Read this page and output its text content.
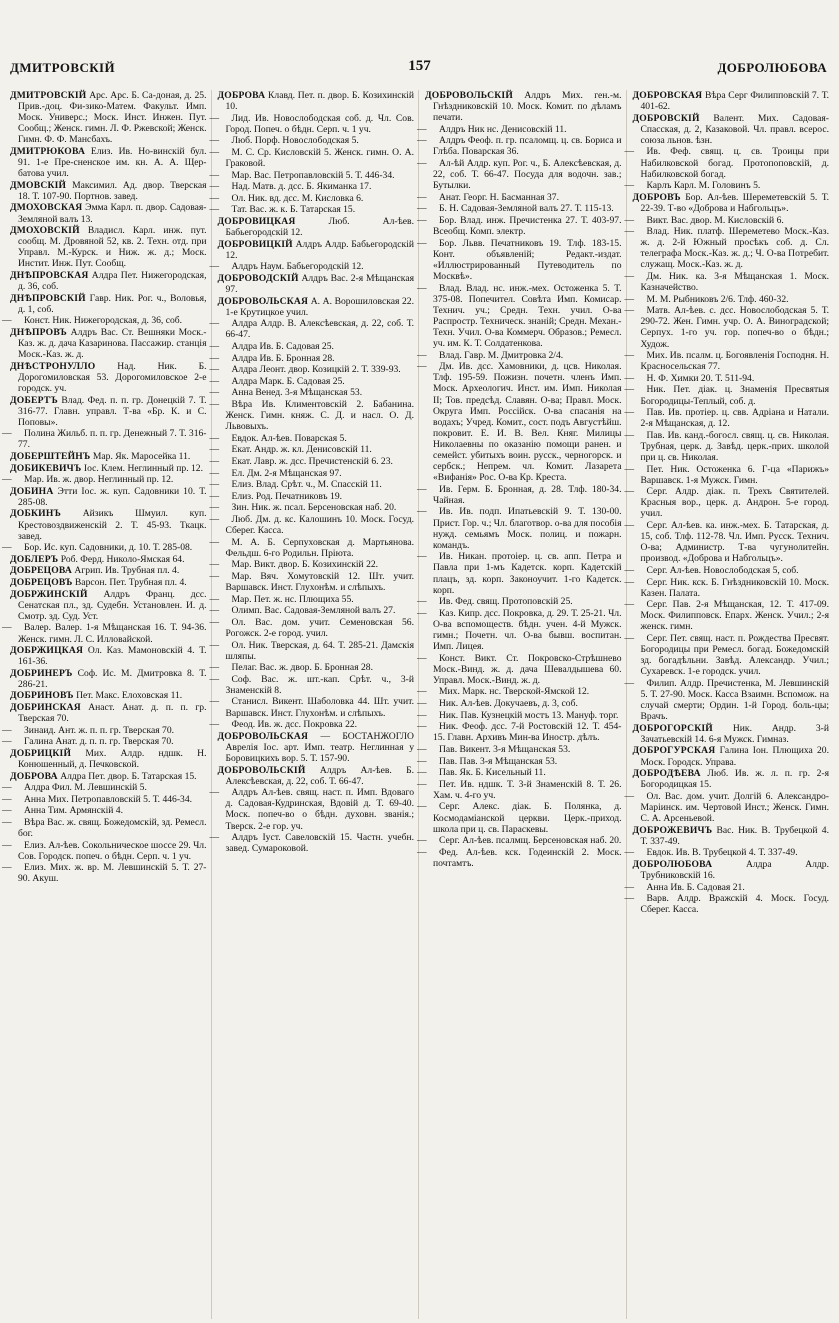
ДМИТРОВСКІЙ	157	ДОБРОЛЮБОВА

ДМИТРОВСКІЙ Арс. Арс. Б. Са-доная, д. 25. Прив.-доц. Фи-зико-Матем. Факульт. Имп. Моск. Универс.; Моск. Инст. Инжен. Пут. Сообщ.; Женск. гимн. Л. Ф. Ржевской; Женск. Гимн. Ф. Ф. Мансбахъ.

ДМИТРЮКОВА Елиз. Ив. Но-винскій бул. 91. 1-е Пре-сненское им. кн. А. А. Щер-батова учил.

ДМОВСКІЙ Максимил. Ад. двор. Тверская 18. Т. 107-90. Портнов. завед.

ДМОХОВСКАЯ Эмма Карл. п. двор. Садовая-Земляной валъ 13.

ДМОХОВСКІЙ Владисл. Карл. инж. пут. сообщ. М. Дровяной 52, кв. 2. Техн. отд. при Управл. М.-Курск. и Ниж. ж. д.; Моск. Инстит. Инж. Пут. Сообщ.

ДНѢПРОВСКАЯ Алдра Пет. Нижегородская, д. 36, соб.

ДНѢПРОВСКІЙ Гавр. Ник. Рог. ч., Воловья, д. 1, соб.

— Конст. Ник. Нижегородская, д. 36, соб.

ДНѢПРОВЪ Алдръ Вас. Ст. Вешняки Моск.-Каз. ж. д. дача Казаринова. Пассажир. станція Моск.-Каз. ж. д.

ДНѢСТРОНУЛЛО Над. Ник. Б. Дорогомиловская 53. Дорогомиловское 2-е городск. уч.

ДОБЕРТЪ Влад. Фед. п. п. гр. Донецкій 7. Т. 316-77. Главн. управл. Т-ва «Бр. К. и С. Поповы».

— Полина Жильб. п. п. гр. Денежный 7. Т. 316-77.

ДОБЕРШТЕЙНЪ Мар. Як. Маросейка 11.

ДОБИКЕВИЧЪ Іос. Клем. Неглинный пр. 12.

— Мар. Ив. ж. двор. Неглинный пр. 12.

ДОБИНА Этти Іос. ж. куп. Садовники 10. Т. 285-08.

ДОБКИНЪ Айзикъ Шмуил. куп. Крестовоздвиженскій 2. Т. 45-93. Ткацк. завед.

— Бор. Ис. куп. Садовники, д. 10. Т. 285-08.

ДОБЛЕРЪ Роб. Ферд. Николо-Ямская 64.

ДОБРЕЦОВА Агрип. Ив. Трубная пл. 4.

ДОБРЕЦОВЪ Варсон. Пет. Трубная пл. 4.

ДОБРЖИНСКІЙ Алдръ Франц. дсс. Сенатская пл., зд. Судебн. Установлен. И. д. Смотр. зд. Суд. Уст.

— Валер. Валер. 1-я Мѣщанская 16. Т. 94-36. Женск. гимн. Л. С. Илловайской.

ДОБРЖИЦКАЯ Ол. Каз. Мамоновскій 4. Т. 161-36.

ДОБРИНЕРЪ Соф. Ис. М. Дмитровка 8. Т. 286-21.

ДОБРИНОВЪ Пет. Макс. Елоховская 11.

ДОБРИНСКАЯ Анаст. Анат. д. п. п. гр. Тверская 70.

— Зинаид. Ант. ж. п. п. гр. Тверская 70.

— Галина Анат. д. п. п. гр. Тверская 70.

ДОБРИЦКІЙ Мих. Алдр. ндшк. Н. Конюшенный, д. Печковской.

ДОБРОВА Алдра Пет. двор. Б. Татарская 15.

— Алдра Фил. М. Левшинскій 5.

— Анна Мих. Петропавловскій 5. Т. 446-34.

— Анна Тим. Армянскій 4.

— Вѣра Вас. ж. свящ. Божедомскій, зд. Ремесл. бог.

— Елиз. Ал-ѣев. Сокольническое шоссе 29. Чл. Сов. Городск. попеч. о бѣдн. Серп. ч. 1 уч.

— Елиз. Мих. ж. вр. М. Левшинскій 5. Т. 27-90. Акуш.

ДОБРОВА Клавд. Пет. п. двор. Б. Козихинскій 10.

— Лид. Ив. Новослободская соб. д. Чл. Сов. Город. Попеч. о бѣдн. Серп. ч. 1 уч.

— Люб. Порф. Новослободская 5.

— М. С. Ср. Кисловскій 5. Женск. гимн. О. А. Граковой.

— Мар. Вас. Петропавловскій 5. Т. 446-34.

— Над. Матв. д. дсс. Б. Якиманка 17.

— Ол. Ник. вд. дсс. М. Кисловка 6.

— Тат. Вас. ж. к. Б. Татарская 15.

ДОБРОВИЦКАЯ	Люб. Ал-ѣев. Бабьегородскій 12.

ДОБРОВИЦКІЙ Алдръ Алдр. Бабьегородскій 12.

— Алдръ Наум. Бабьегородскій 12.

ДОБРОВОДСКІЙ Алдръ Вас. 2-я Мѣщанская 97.

ДОБРОВОЛЬСКАЯ А. А. Ворошиловская 22. 1-е Крутицкое учил.

— Алдра Алдр. В. Алексѣевская, д. 22, соб. Т. 66-47.

— Алдра Ив. Б. Садовая 25.

— Алдра Ив. Б. Бронная 28.

— Алдра Леонт. двор. Козицкій 2. Т. 339-93.

— Алдра Марк. Б. Садовая 25.

— Анна Венед. 3-я Мѣщанская 53.

— Вѣра Ив. Климентовскій 2. Бабанина. Женск. Гимн. княж. С. Д. и насл. О. Д. Львовыхъ.

— Евдок. Ал-ѣев. Поварская 5.

— Екат. Андр. ж. кл. Денисовскій 11.

— Екат. Лавр. ж. дсс. Пречистенскій 6. 23.

— Ел. Дм. 2-я Мѣщанская 97.

— Елиз. Влад. Срѣт. ч., М. Спасскій 11.

— Елиз. Род. Печатниковъ 19.

— Зин. Ник. ж. псал. Берсеновская наб. 20.

— Люб. Дм. д. кс. Калошинъ 10. Моск. Госуд. Сберег. Касса.

— М. А. Б. Серпуховская д. Мартьянова. Фельдш. 6-го Родильн. Пріюта.

— Мар. Викт. двор. Б. Козихинскій 22.

— Мар. Вяч. Хомутовскій 12. Шт. учит. Варшавск. Инст. Глухонѣм. и слѣпыхъ.

— Мар. Пет. ж. нс. Плющиха 55.

— Олимп. Вас. Садовая-Земляной валъ 27.

— Ол. Вас. дом. учит. Семеновская 56. Рогожск. 2-е город. учил.

— Ол. Ник. Тверская, д. 64. Т. 285-21. Дамскія шляпы.

— Пелаг. Вас. ж. двор. Б. Бронная 28.

— Соф. Вас. ж. шт.-кап. Срѣт. ч., 3-й Знаменскій 8.

— Станисл. Викент. Шаболовка 44. Шт. учит. Варшавск. Инст. Глухонѣм. и слѣпыхъ.

— Феод. Ив. ж. дсс. Покровка 22.

ДОБРОВОЛЬСКАЯ — БОСТАНЖОГЛО Аврелія Іос. арт. Имп. театр. Неглинная у Боровицкихъ вор. 5. Т. 157-90.

ДОБРОВОЛЬСКІЙ Алдръ Ал-ѣев. Б. Алексѣевская, д. 22, соб. Т. 66-47.

— Алдръ Ал-ѣев. свящ. наст. п. Имп. Вдоваго д. Садовая-Кудринская, Вдовій д. Т. 69-40. Моск. попеч-во о бѣдн. духовн. званія.; Тверск. 2-е гор. уч.

— Алдръ Іуст. Савеловскій 15. Частн. учебн. завед. Сумароковой.

ДОБРОВОЛЬСКІЙ Алдръ Мих. ген.-м. Гнѣздниковскій 10. Моск. Комит. по дѣламъ печати.

— Алдръ Ник нс. Денисовскій 11.

— Алдръ Феоф. п. гр. псаломщ. ц. св. Бориса и Глѣба. Поварская 36.

— Ал-ѣй Алдр. куп. Рог. ч., Б. Алексѣевская, д. 22, соб. Т. 66-47. Посуда для водочн. зав.; Бутылки.

— Анат. Георг. Н. Басманная 37.

— Б. Н. Садовая-Земляной валъ 27. Т. 115-13.

— Бор. Влад. инж. Пречистенка 27. Т. 403-97. Всеобщ. Комп. электр.

— Бор. Львв. Печатниковъ 19. Тлф. 183-15. Конт. объявленій; Редакт.-издат. «Иллюстрированный Путеводитель по Москвѣ».

— Влад. Влад. нс. инж.-мех. Остоженка 5. Т. 375-08. Попечител. Совѣта Имп. Комисар. Технич. уч.; Средн. Техн. учил. О-ва Распростр. Техническ. знаній; Средн. Механ.-Техн. Учил. О-ва Коммерч. Образов.; Ремесл. уч. им. К. Т. Солдатенкова.

— Влад. Гавр. М. Дмитровка 2/4.

— Дм. Ив. дсс. Хамовники, д. цсв. Николая. Тлф. 195-59. Пожизн. почетн. членъ Имп. Моск. Археологич. Инст. им. Имп. Николая II; Тов. предсѣд. Славян. О-ва; Правл. Моск. Округа Имп. Россійск. О-ва спасанія на водахъ; Учред. Комит., сост. подъ Августѣйш. покровит. Е. И. В. Вел. Княг. Милицы Николаевны по оказанію помощи ранен. и семейст. убитыхъ воин. русск., черногорск. и сербск.; Непрем. чл. Комит. Лазарета «Вифанія» Рос. О-ва Кр. Креста.

— Ив. Герм. Б. Бронная, д. 28. Тлф. 180-34. Чайная.

— Ив. Ив. подп. Ипатьевскій 9. Т. 130-00. Прист. Гор. ч.; Чл. благотвор. о-ва для пособія нужд. семьямъ Моск. полиц. и пожарн. командъ.

— Ив. Никан. протоіер. ц. св. апп. Петра и Павла при 1-мъ Кадетск. корп. Кадетскій плацъ, зд. корп. Законоучит. 1-го Кадетск. корп.

— Ив. Фед. свящ. Протоповскій 25.

— Каз. Кипр. дсс. Покровка, д. 29. Т. 25-21. Чл. О-ва вспомоществ. бѣдн. учен. 4-й Мужск. гимн.; Почетн. чл. О-ва бывш. воспитан. Имп. Лицея.

— Конст. Викт. Ст. Покровско-Стрѣшнево Моск.-Винд. ж. д. дача Шевалдышева 60. Управл. Моск.-Винд. ж. д.

— Мих. Марк. нс. Тверской-Ямской 12.

— Ник. Ал-ѣев. Докучаевъ, д. 3, соб.

— Ник. Пав. Кузнецкій мостъ 13. Мануф. торг.

— Ник. Феоф. дсс. 7-й Ростовскій 12. Т. 454-15. Главн. Архивъ Мин-ва Иностр. дѣлъ.

— Пав. Викент. 3-я Мѣщанская 53.

— Пав. Пав. 3-я Мѣщанская 53.

— Пав. Як. Б. Кисельный 11.

— Пет. Ив. ндшк. Т. 3-й Знаменскій 8. Т. 26. Хам. ч. 4-го уч.

— Серг. Алекс. діак. Б. Полянка, д. Космодаміанской церкви. Церк.-приход. школа при ц. св. Параскевы.

— Серг. Ал-ѣев. псалмщ. Берсеновская наб. 20.

— Фед. Ал-ѣев. кск. Годеинскій 2. Моск. почтамтъ.

ДОБРОВСКАЯ Вѣра Серг Филипповскій 7. Т. 401-62.

ДОБРОВСКІЙ Валент. Мих. Садовая-Спасская, д. 2, Казаковой. Чл. правл. всерос. союза льнов. ѣзн.

— Ив. Феф. свящ. ц. св. Троицы при Набилковской богад. Протопоповскій, д. Набилковской богад.

— Карлъ Карл. М. Головинъ 5.

ДОБРОВЪ Бор. Ал-ѣев. Шереметевскій 5. Т. 22-39. Т-во «Доброва и Набгольцъ».

— Викт. Вас. двор. М. Кисловскій 6.

— Влад. Ник. платф. Шереметево Моск.-Каз. ж. д. 2-й Южный просѣкъ соб. д. Сл. телеграфа Моск.-Каз. ж. д.; Ч. О-ва Потребит. служащ. Моск.-Каз. ж. д.

— Дм. Ник. ка. 3-я Мѣщанская 1. Моск. Казначейство.

— М. М. Рыбниковъ 2/6. Тлф. 460-32.

— Матв. Ал-ѣев. с. дсс. Новослободская 5. Т. 290-72. Жен. Гимн. учр. О. А. Виноградской; Серпух. 1-го уч. гор. попеч-во о бѣдн.; Худож.

— Мих. Ив. псалм. ц. Богоявленія Господня. Н. Красносельская 77.

— Н. Ф. Химки 20. Т. 511-94.

— Ник. Пет. діак. ц. Знаменія Пресвятыя Богородицы-Теплый, соб. д.

— Пав. Ив. протіер. ц. свв. Адріана и Натали. 2-я Мѣщанская, д. 12.

— Пав. Ив. канд.-богосл. свящ. ц. св. Николая. Трубная, церк. д. Завѣд. церк.-прих. школой при ц. св. Николая.

— Пет. Ник. Остоженка 6. Г-ца «Парижъ» Варшавск. 1-я Мужск. Гимн.

— Серг. Алдр. діак. п. Трехъ Святителей. Красныя вор., церк. д. Андрон. 5-е город. учил.

— Серг. Ал-ѣев. ка. инж.-мех. Б. Татарская, д. 15, соб. Тлф. 112-78. Чл. Имп. Русск. Технич. О-ва; Администр. Т-ва чугунолитейн. производ. «Доброва и Набгольцъ».

— Серг. Ал-ѣев. Новослободская 5, соб.

— Серг. Ник. кск. Б. Гнѣздниковскій 10. Моск. Казен. Палата.

— Серг. Пав. 2-я Мѣщанская, 12. Т. 417-09. Моск. Филипповск. Епарх. Женск. Учил.; 2-я женск. гимн.

— Серг. Пет. свящ. наст. п. Рождества Пресвят. Богородицы при Ремесл. богад. Божедомскій зд. богадѣльни. Завѣд. Александр. Учил.; Сухаревск. 1-е городск. учил.

— Филип. Алдр. Пречистенка, М. Левшинскій 5. Т. 27-90. Моск. Касса Взаимн. Вспомож. на случай смерти; Ордин. 1-й Город. боль-цы; Врачъ.

ДОБРОГОРСКІЙ Ник. Андр. 3-й Зачатьевскій 14. 6-я Мужск. Гимназ.

ДОБРОГУРСКАЯ Галина Іон. Плющиха 20. Моск. Городск. Управа.

ДОБРОДѢЕВА Люб. Ив. ж. л. п. гр. 2-я Богородицкая 15.

— Ол. Вас. дом. учит. Долгій 6. Александро-Маріинск. им. Чертовой Инст.; Женск. Гимн. С. А. Арсеньевой.

ДОБРОЖЕВИЧЪ Вас. Ник. В. Трубецкой 4. Т. 337-49.

— Евдок. Ив. В. Трубецкой 4. Т. 337-49.

ДОБРОЛЮБОВА	Алдра Алдр. Трубниковскій 16.

— Анна Ив. Б. Садовая 21.

— Варв. Алдр. Вражскій 4. Моск. Госуд. Сберег. Касса.
